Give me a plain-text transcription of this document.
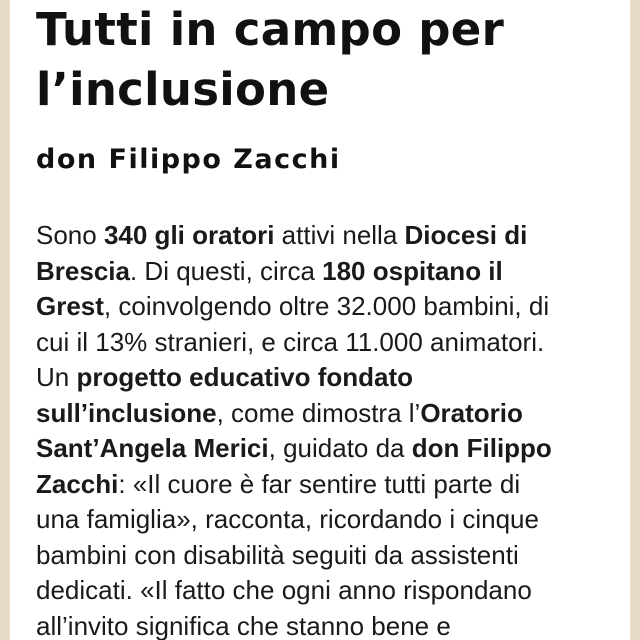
Tutti in campo per l’inclusione
don Filippo Zacchi
Sono 340 gli oratori attivi nella Diocesi di
Brescia. Di questi, circa 180 ospitano il
Grest, coinvolgendo oltre 32.000 bambini, di
cui il 13% stranieri, e circa 11.000 animatori.
Un progetto educativo fondato
sull’inclusione, come dimostra l’Oratorio
Sant’Angela Merici, guidato da don Filippo
Zacchi: «Il cuore è far sentire tutti parte di
una famiglia», racconta, ricordando i cinque
bambini con disabilità seguiti da assistenti
dedicati. «Il fatto che ogni anno rispondano
all’invito significa che stanno bene e
